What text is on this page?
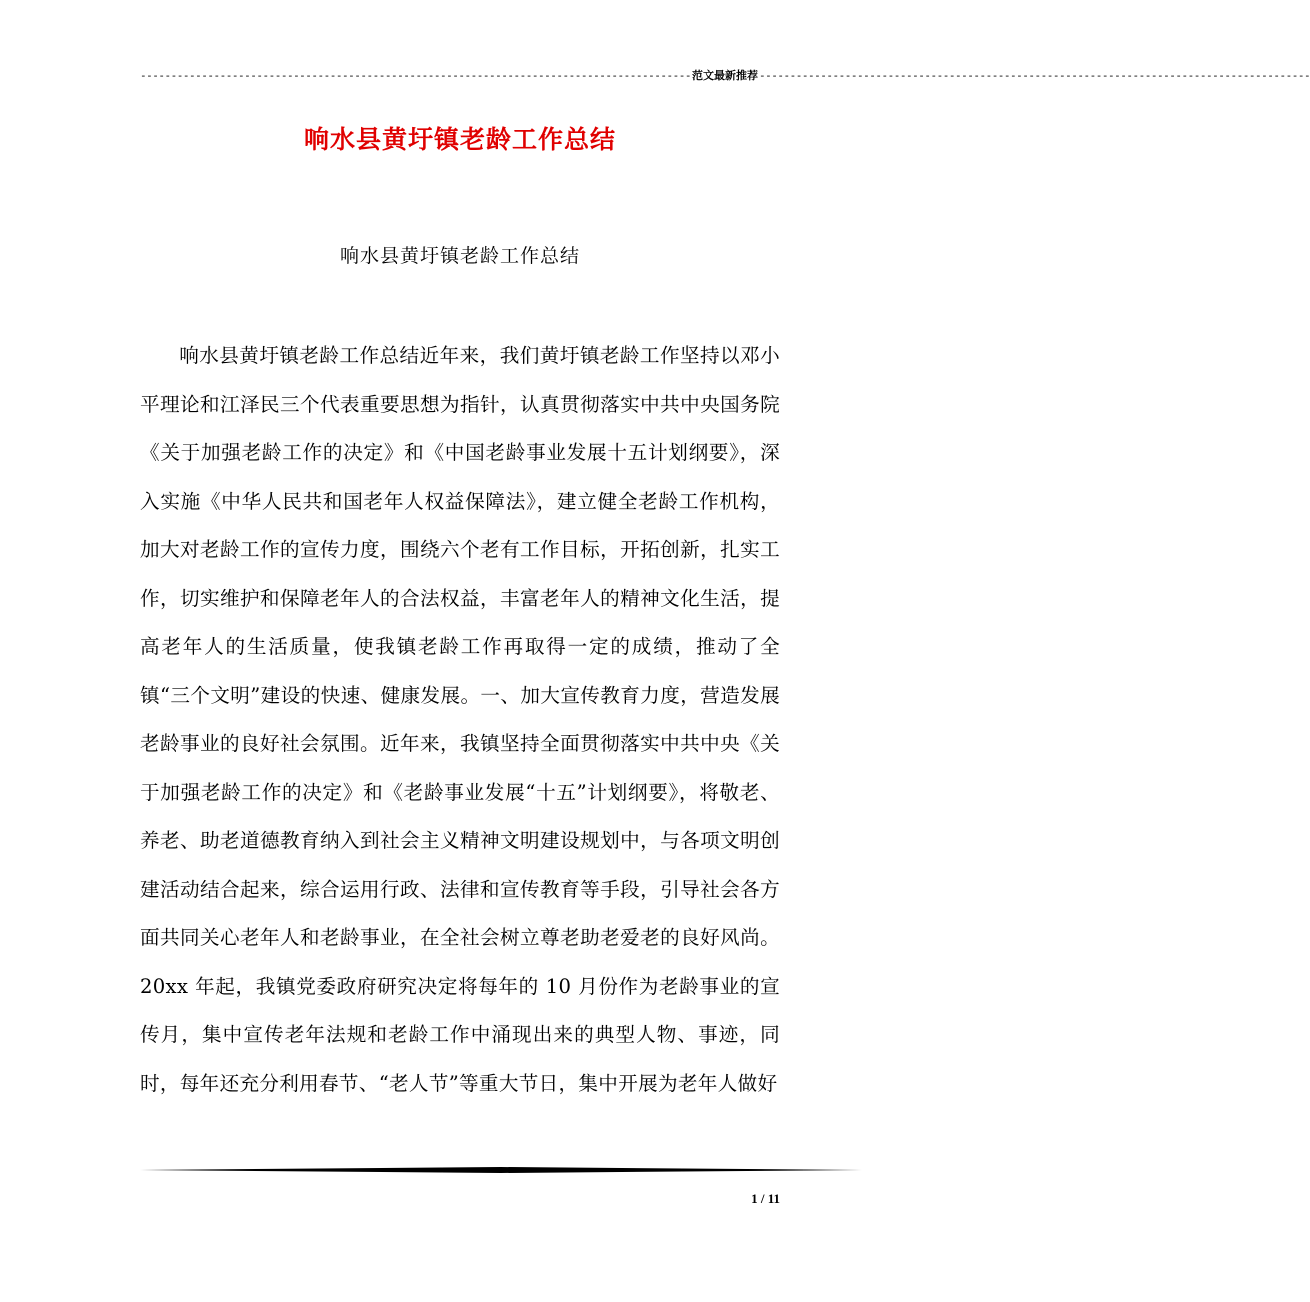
------------------------------------------------------------------------------------------ 范文最新推荐 ------------------------------------------------------------------------------------------
响水县黄圩镇老龄工作总结
响水县黄圩镇老龄工作总结

响水县黄圩镇老龄工作总结近年来，我们黄圩镇老龄工作坚持以邓小平理论和江泽民三个代表重要思想为指针，认真贯彻落实中共中央国务院《关于加强老龄工作的决定》和《中国老龄事业发展十五计划纲要》，深入实施《中华人民共和国老年人权益保障法》，建立健全老龄工作机构，加大对老龄工作的宣传力度，围绕六个老有工作目标，开拓创新，扎实工作，切实维护和保障老年人的合法权益，丰富老年人的精神文化生活，提高老年人的生活质量，使我镇老龄工作再取得一定的成绩，推动了全镇“三个文明”建设的快速、健康发展。一、加大宣传教育力度，营造发展老龄事业的良好社会氛围。近年来，我镇坚持全面贯彻落实中共中央《关于加强老龄工作的决定》和《老龄事业发展“十五”计划纲要》，将敬老、养老、助老道德教育纳入到社会主义精神文明建设规划中，与各项文明创建活动结合起来，综合运用行政、法律和宣传教育等手段，引导社会各方面共同关心老年人和老龄事业，在全社会树立尊老助老爱老的良好风尚。20xx 年起，我镇党委政府研究决定将每年的 10 月份作为老龄事业的宣传月，集中宣传老年法规和老龄工作中涌现出来的典型人物、事迹，同时，每年还充分利用春节、“老人节”等重大节日，集中开展为老年人做好

1 / 11
